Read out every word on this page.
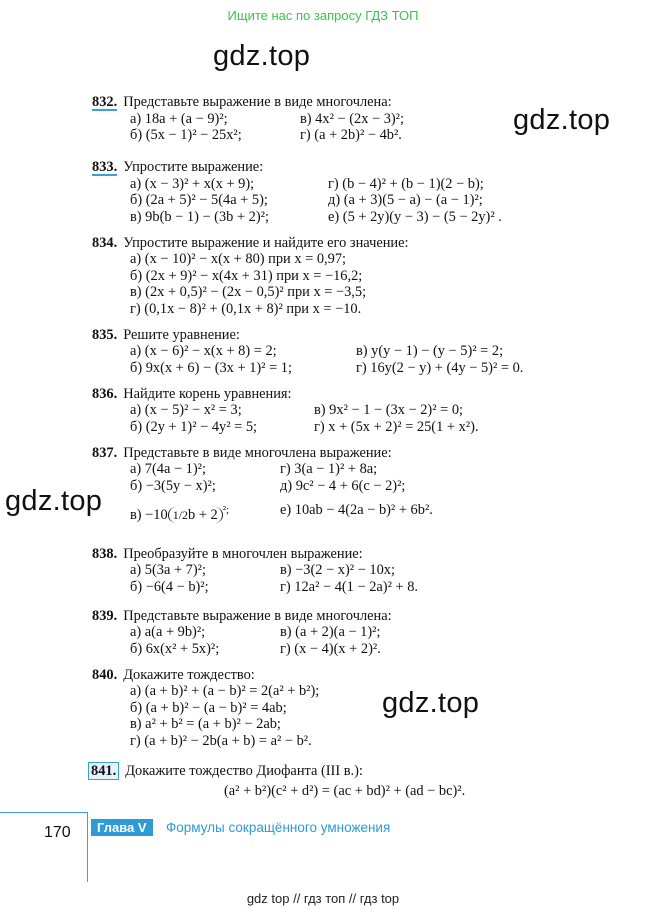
Ищите нас по запросу ГДЗ ТОП
gdz.top
gdz.top
gdz.top
gdz.top
832. Представьте выражение в виде многочлена:
а) 18a + (a − 9)²;	в) 4x² − (2x − 3)²;
б) (5x − 1)² − 25x²;	г) (a + 2b)² − 4b².
833. Упростите выражение:
а) (x − 3)² + x(x + 9);	г) (b − 4)² + (b − 1)(2 − b);
б) (2a + 5)² − 5(4a + 5);	д) (a + 3)(5 − a) − (a − 1)²;
в) 9b(b − 1) − (3b + 2)²;	е) (5 + 2y)(y − 3) − (5 − 2y)² .
834. Упростите выражение и найдите его значение:
а) (x − 10)² − x(x + 80) при x = 0,97;
б) (2x + 9)² − x(4x + 31) при x = −16,2;
в) (2x + 0,5)² − (2x − 0,5)² при x = −3,5;
г) (0,1x − 8)² + (0,1x + 8)² при x = −10.
835. Решите уравнение:
а) (x − 6)² − x(x + 8) = 2;	в) y(y − 1) − (y − 5)² = 2;
б) 9x(x + 6) − (3x + 1)² = 1;	г) 16y(2 − y) + (4y − 5)² = 0.
836. Найдите корень уравнения:
а) (x − 5)² − x² = 3;	в) 9x² − 1 − (3x − 2)² = 0;
б) (2y + 1)² − 4y² = 5;	г) x + (5x + 2)² = 25(1 + x²).
837. Представьте в виде многочлена выражение:
а) 7(4a − 1)²;	г) 3(a − 1)² + 8a;
б) −3(5y − x)²;	д) 9c² − 4 + 6(c − 2)²;
в) −10 1/2b + 2 $^{^2;}$	е) 10ab − 4(2a − b)² + 6b².
838. Преобразуйте в многочлен выражение:
а) 5(3a + 7)²;	в) −3(2 − x)² − 10x;
б) −6(4 − b)²;	г) 12a² − 4(1 − 2a)² + 8.
839. Представьте выражение в виде многочлена:
а) a(a + 9b)²;	в) (a + 2)(a − 1)²;
б) 6x(x² + 5x)²;	г) (x − 4)(x + 2)².
840. Докажите тождество:
а) (a + b)² + (a − b)² = 2(a² + b²);
б) (a + b)² − (a − b)² = 4ab;
в) a² + b² = (a + b)² − 2ab;
г) (a + b)² − 2b(a + b) = a² − b².
841. Докажите тождество Диофанта (III в.):
(a² + b²)(c² + d²) = (ac + bd)² + (ad − bc)².
170	Глава V	Формулы сокращённого умножения
gdz top // гдз топ // гдз top
